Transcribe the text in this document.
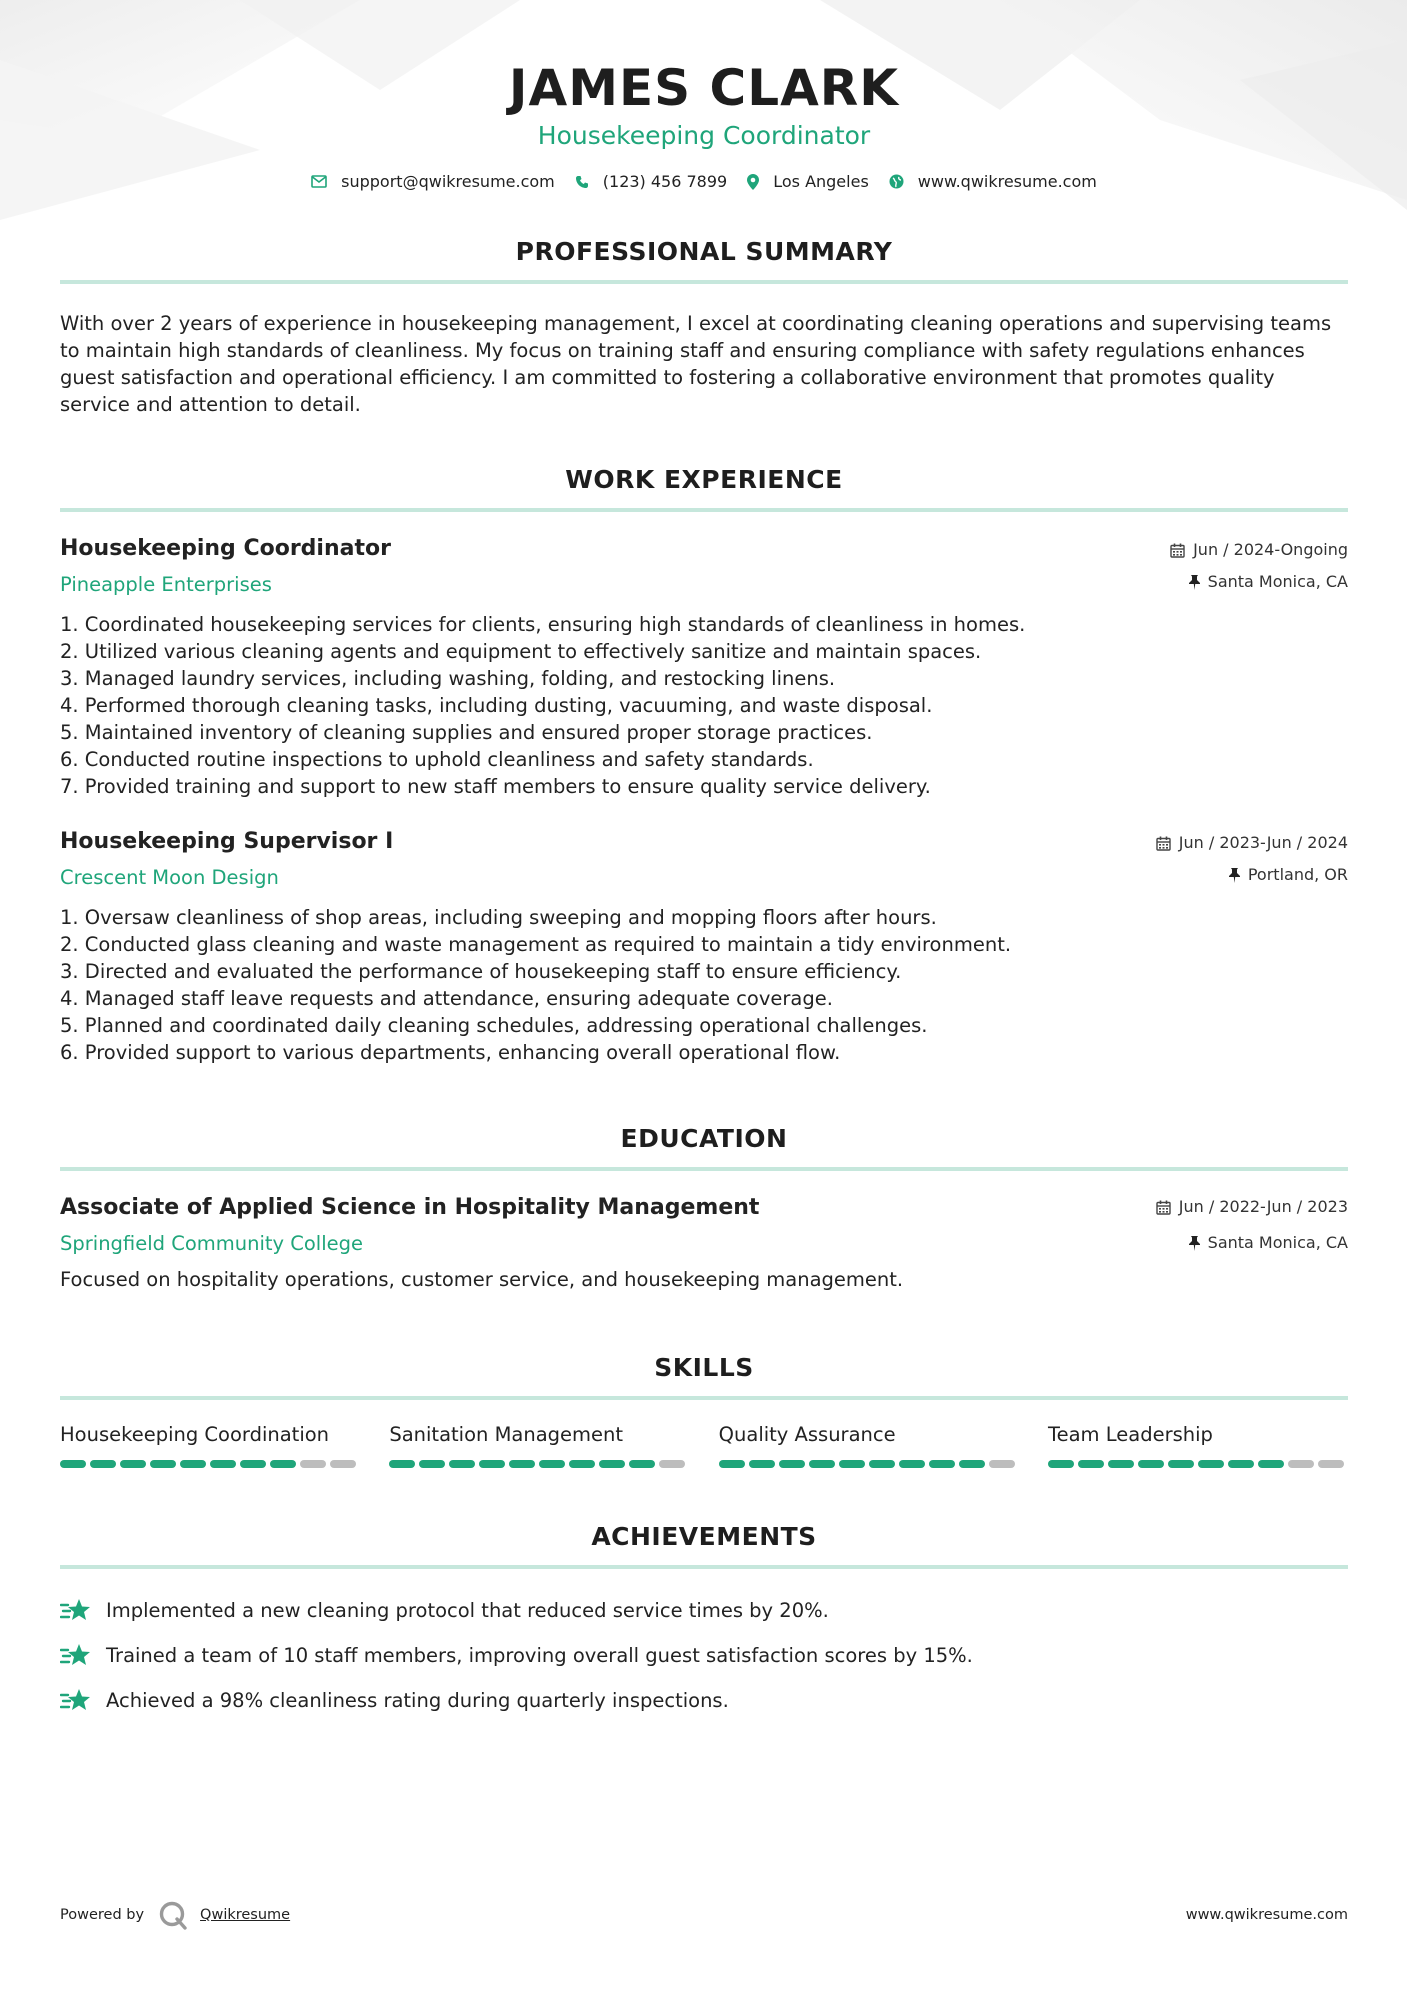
JAMES CLARK
Housekeeping Coordinator
support@qwikresume.com	(123) 456 7899	Los Angeles	www.qwikresume.com
PROFESSIONAL SUMMARY

With over 2 years of experience in housekeeping management, I excel at coordinating cleaning operations and supervising teams to maintain high standards of cleanliness. My focus on training staff and ensuring compliance with safety regulations enhances guest satisfaction and operational efficiency. I am committed to fostering a collaborative environment that promotes quality service and attention to detail.

WORK EXPERIENCE
Housekeeping Coordinator
Pineapple Enterprises
Jun / 2024-Ongoing
Santa Monica, CA
1. Coordinated housekeeping services for clients, ensuring high standards of cleanliness in homes.
2. Utilized various cleaning agents and equipment to effectively sanitize and maintain spaces.
3. Managed laundry services, including washing, folding, and restocking linens.
4. Performed thorough cleaning tasks, including dusting, vacuuming, and waste disposal.
5. Maintained inventory of cleaning supplies and ensured proper storage practices.
6. Conducted routine inspections to uphold cleanliness and safety standards.
7. Provided training and support to new staff members to ensure quality service delivery.
Housekeeping Supervisor I
Crescent Moon Design
Jun / 2023-Jun / 2024
Portland, OR
1. Oversaw cleanliness of shop areas, including sweeping and mopping floors after hours.
2. Conducted glass cleaning and waste management as required to maintain a tidy environment.
3. Directed and evaluated the performance of housekeeping staff to ensure efficiency.
4. Managed staff leave requests and attendance, ensuring adequate coverage.
5. Planned and coordinated daily cleaning schedules, addressing operational challenges.
6. Provided support to various departments, enhancing overall operational flow.
EDUCATION
Associate of Applied Science in Hospitality Management
Springfield Community College
Jun / 2022-Jun / 2023
Santa Monica, CA

Focused on hospitality operations, customer service, and housekeeping management.

SKILLS
Housekeeping Coordination	Sanitation Management	Quality Assurance	Team Leadership
ACHIEVEMENTS
Implemented a new cleaning protocol that reduced service times by 20%.
Trained a team of 10 staff members, improving overall guest satisfaction scores by 15%.
Achieved a 98% cleanliness rating during quarterly inspections.
Powered by	Qwikresume	www.qwikresume.com
